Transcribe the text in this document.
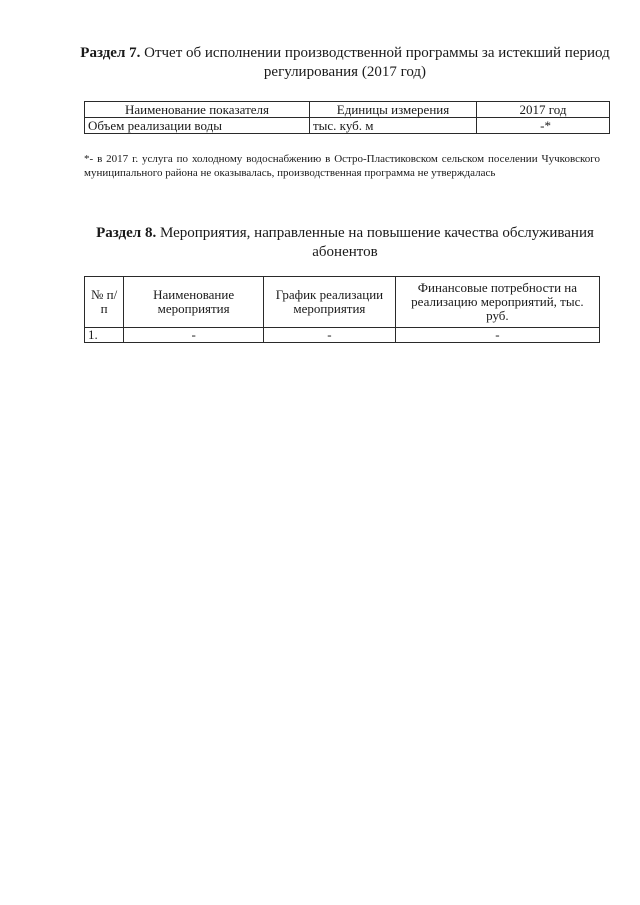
Раздел 7. Отчет об исполнении производственной программы за истекший период регулирования (2017 год)
Наименование показателя	Единицы измерения	2017 год
Объем реализации воды	тыс. куб. м	-*
*- в 2017 г. услуга по холодному водоснабжению в Остро-Пластиковском сельском поселении Чучковского муниципального района не оказывалась, производственная программа не утверждалась
Раздел 8. Мероприятия, направленные на повышение качества обслуживания абонентов
№ п/п	Наименование мероприятия	График реализации мероприятия	Финансовые потребности на реализацию мероприятий, тыс. руб.
1.	-	-	-
